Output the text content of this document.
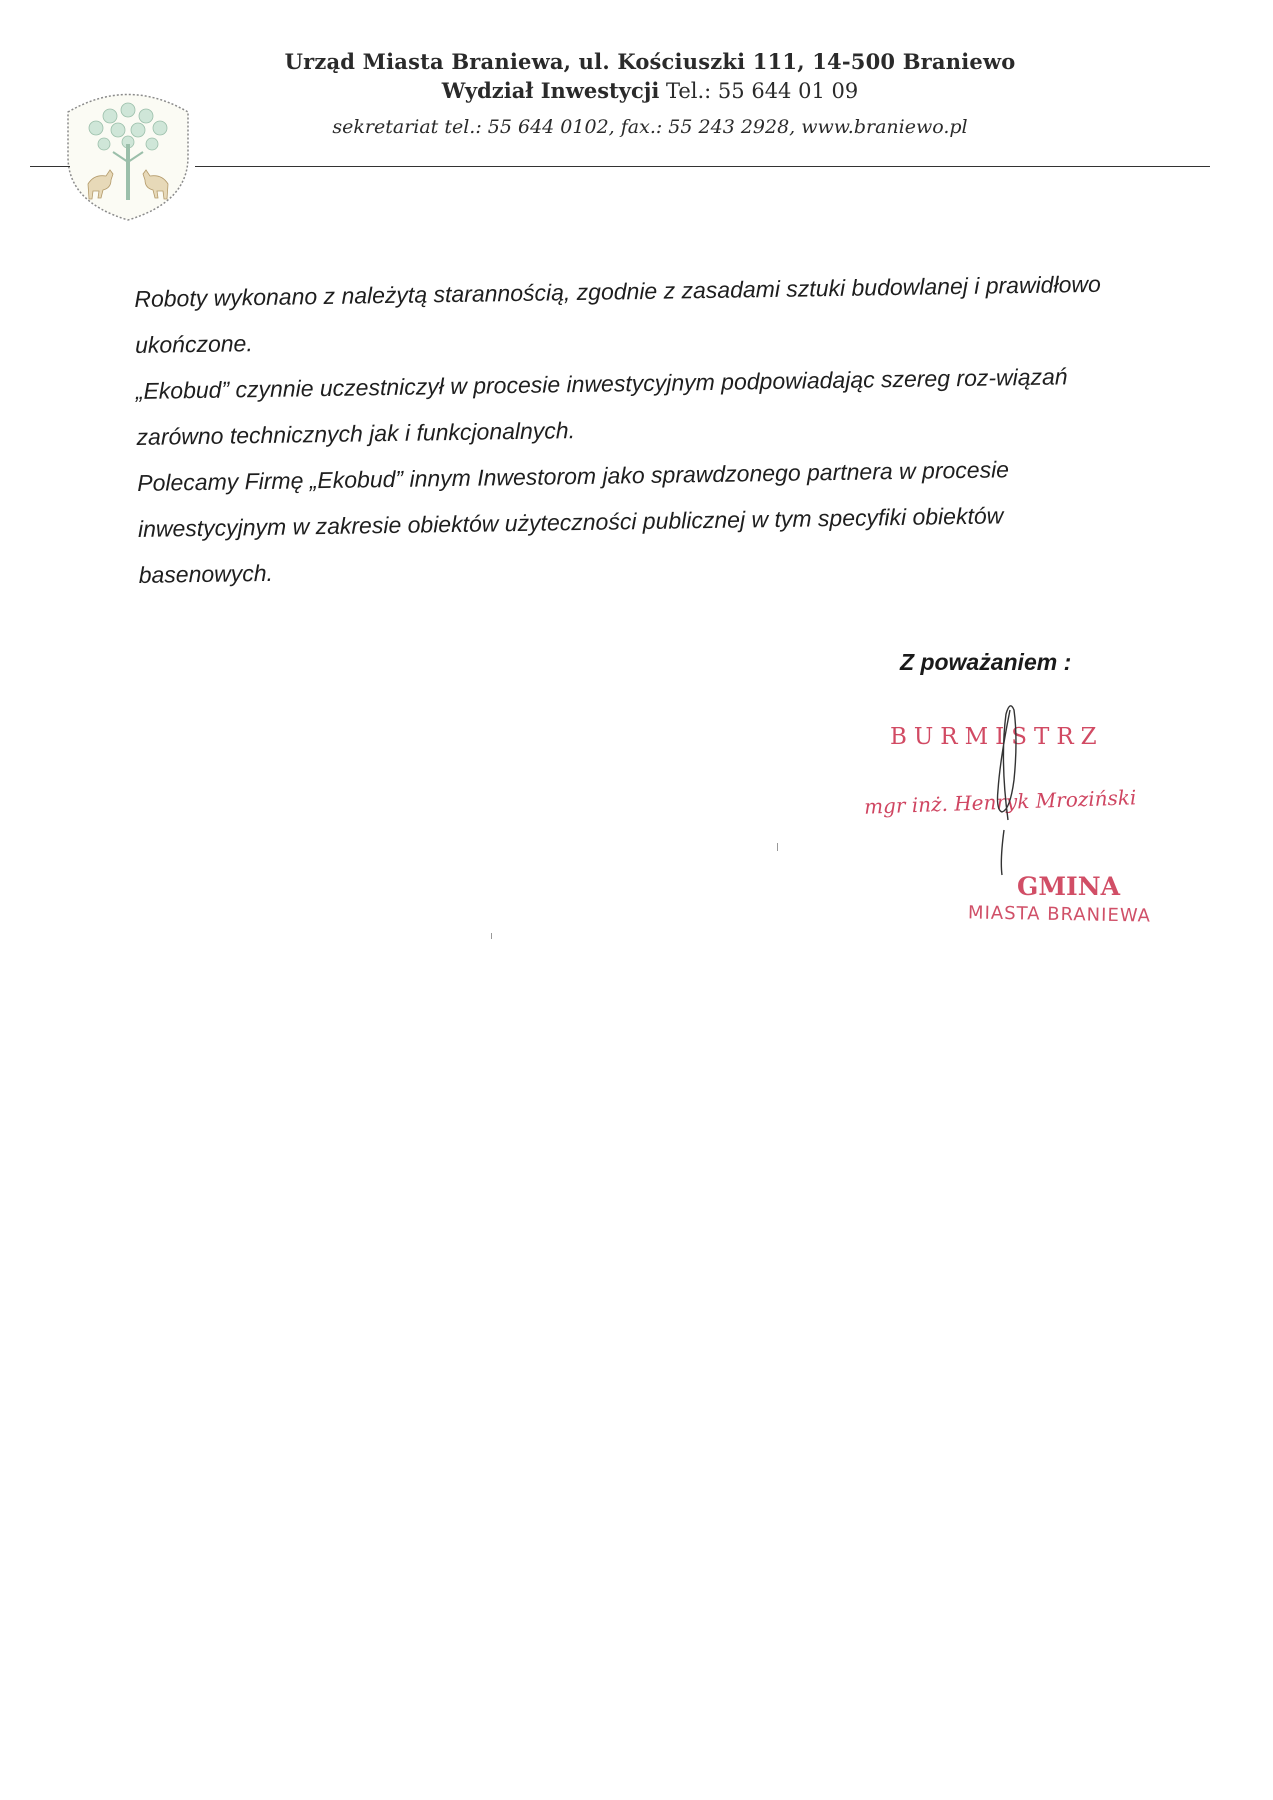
Urząd Miasta Braniewa, ul. Kościuszki 111, 14-500 Braniewo
Wydział Inwestycji Tel.: 55 644 01 09
sekretariat tel.: 55 644 0102, fax.: 55 243 2928, www.braniewo.pl

Roboty wykonano z należytą starannością, zgodnie z zasadami sztuki budowlanej i prawidłowo ukończone.

„Ekobud” czynnie uczestniczył w procesie inwestycyjnym podpowiadając szereg roz-wiązań zarówno technicznych jak i funkcjonalnych.

Polecamy Firmę „Ekobud” innym Inwestorom jako sprawdzonego partnera w procesie inwestycyjnym w zakresie obiektów użyteczności publicznej w tym specyfiki obiektów basenowych.

Z poważaniem :
BURMISTRZ
mgr inż. Henryk Mroziński
GMINA
MIASTA BRANIEWA
